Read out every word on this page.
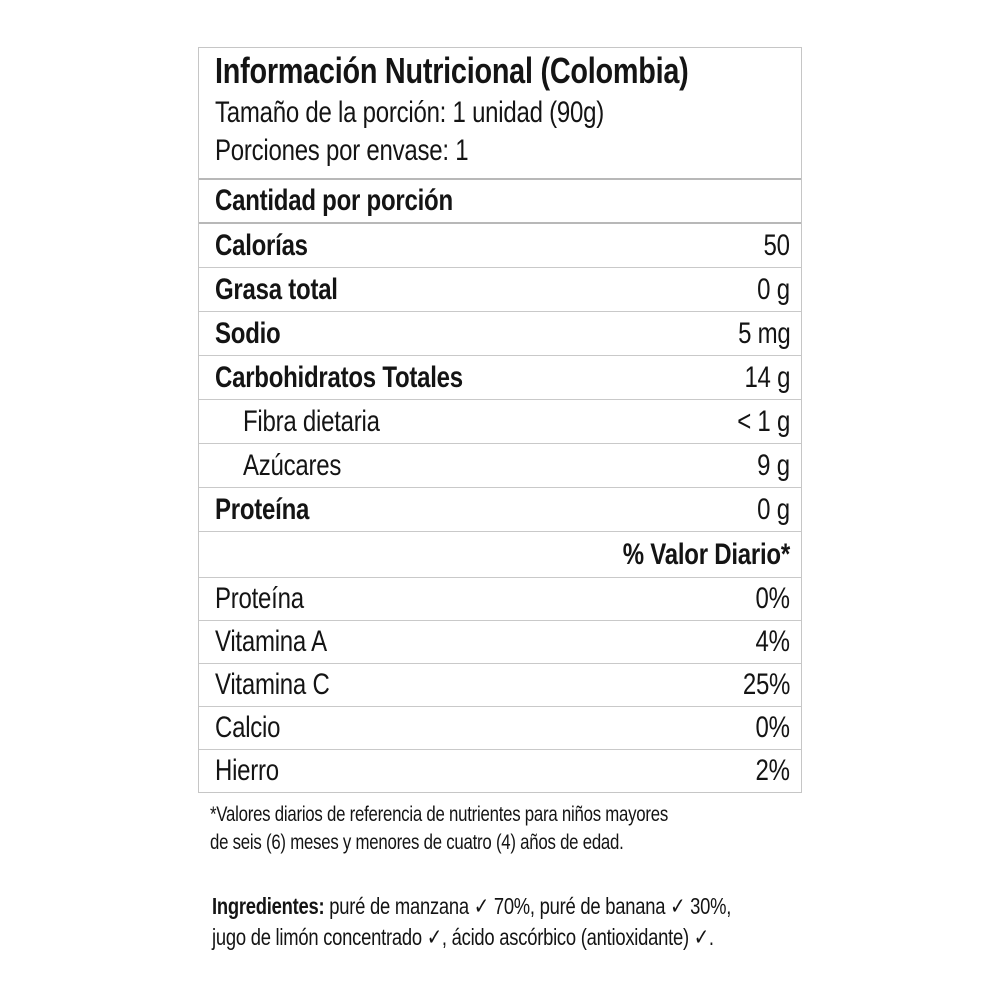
Información Nutricional (Colombia)
Tamaño de la porción: 1 unidad (90g)
Porciones por envase: 1
Cantidad por porción
Calorías	50
Grasa total	0 g
Sodio	5 mg
Carbohidratos Totales	14 g
Fibra dietaria	< 1 g
Azúcares	9 g
Proteína	0 g
% Valor Diario*
Proteína	0%
Vitamina A	4%
Vitamina C	25%
Calcio	0%
Hierro	2%
*Valores diarios de referencia de nutrientes para niños mayores
de seis (6) meses y menores de cuatro (4) años de edad.
Ingredientes: puré de manzana ✓ 70%, puré de banana ✓ 30%,
jugo de limón concentrado ✓, ácido ascórbico (antioxidante) ✓.
